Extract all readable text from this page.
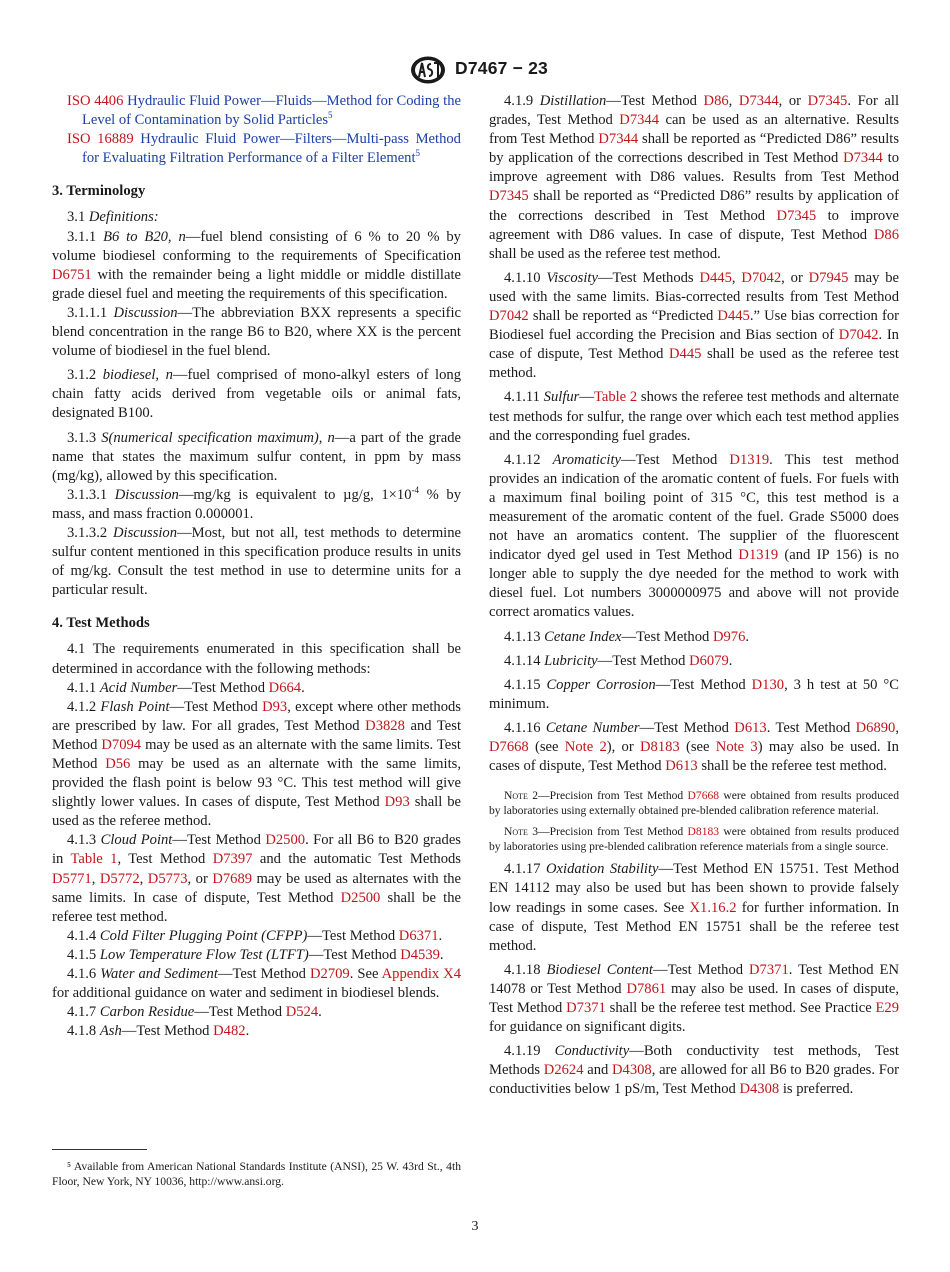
D7467 − 23

ISO 4406 Hydraulic Fluid Power—Fluids—Method for Coding the Level of Contamination by Solid Particles$^5$

ISO 16889 Hydraulic Fluid Power—Filters—Multi-pass Method for Evaluating Filtration Performance of a Filter Element$^5$

3. Terminology

3.1 Definitions:

3.1.1 B6 to B20, n—fuel blend consisting of 6 % to 20 % by volume biodiesel conforming to the requirements of Specification D6751 with the remainder being a light middle or middle distillate grade diesel fuel and meeting the requirements of this specification.

3.1.1.1 Discussion—The abbreviation BXX represents a specific blend concentration in the range B6 to B20, where XX is the percent volume of biodiesel in the fuel blend.

3.1.2 biodiesel, n—fuel comprised of mono-alkyl esters of long chain fatty acids derived from vegetable oils or animal fats, designated B100.

3.1.3 S(numerical specification maximum), n—a part of the grade name that states the maximum sulfur content, in ppm by mass (mg/kg), allowed by this specification.

3.1.3.1 Discussion—mg/kg is equivalent to µg/g, $1\times 10^{-4}$ % by mass, and mass fraction 0.000001.

3.1.3.2 Discussion—Most, but not all, test methods to determine sulfur content mentioned in this specification produce results in units of mg/kg. Consult the test method in use to determine units for a particular result.

4. Test Methods

4.1 The requirements enumerated in this specification shall be determined in accordance with the following methods:

4.1.1 Acid Number—Test Method D664.

4.1.2 Flash Point—Test Method D93, except where other methods are prescribed by law. For all grades, Test Method D3828 and Test Method D7094 may be used as an alternate with the same limits. Test Method D56 may be used as an alternate with the same limits, provided the flash point is below 93 °C. This test method will give slightly lower values. In cases of dispute, Test Method D93 shall be used as the referee method.

4.1.3 Cloud Point—Test Method D2500. For all B6 to B20 grades in Table 1, Test Method D7397 and the automatic Test Methods D5771, D5772, D5773, or D7689 may be used as alternates with the same limits. In case of dispute, Test Method D2500 shall be the referee test method.

4.1.4 Cold Filter Plugging Point (CFPP)—Test Method D6371.

4.1.5 Low Temperature Flow Test (LTFT)—Test Method D4539.

4.1.6 Water and Sediment—Test Method D2709. See Appendix X4 for additional guidance on water and sediment in biodiesel blends.

4.1.7 Carbon Residue—Test Method D524.

4.1.8 Ash—Test Method D482.

4.1.9 Distillation—Test Method D86, D7344, or D7345. For all grades, Test Method D7344 can be used as an alternative. Results from Test Method D7344 shall be reported as “Predicted D86” results by application of the corrections described in Test Method D7344 to improve agreement with D86 values. Results from Test Method D7345 shall be reported as “Predicted D86” results by application of the corrections described in Test Method D7345 to improve agreement with D86 values. In case of dispute, Test Method D86 shall be used as the referee test method.

4.1.10 Viscosity—Test Methods D445, D7042, or D7945 may be used with the same limits. Bias-corrected results from Test Method D7042 shall be reported as “Predicted D445.” Use bias correction for Biodiesel fuel according the Precision and Bias section of D7042. In case of dispute, Test Method D445 shall be used as the referee test method.

4.1.11 Sulfur—Table 2 shows the referee test methods and alternate test methods for sulfur, the range over which each test method applies and the corresponding fuel grades.

4.1.12 Aromaticity—Test Method D1319. This test method provides an indication of the aromatic content of fuels. For fuels with a maximum final boiling point of 315 °C, this test method is a measurement of the aromatic content of the fuel. Grade S5000 does not have an aromatics content. The supplier of the fluorescent indicator dyed gel used in Test Method D1319 (and IP 156) is no longer able to supply the dye needed for the method to work with diesel fuel. Lot numbers 3000000975 and above will not provide correct aromatics values.

4.1.13 Cetane Index—Test Method D976.

4.1.14 Lubricity—Test Method D6079.

4.1.15 Copper Corrosion—Test Method D130, 3 h test at 50 °C minimum.

4.1.16 Cetane Number—Test Method D613. Test Method D6890, D7668 (see Note 2), or D8183 (see Note 3) may also be used. In cases of dispute, Test Method D613 shall be the referee test method.

Note 2—Precision from Test Method D7668 were obtained from results produced by laboratories using externally obtained pre-blended calibration reference material.

Note 3—Precision from Test Method D8183 were obtained from results produced by laboratories using pre-blended calibration reference materials from a single source.

4.1.17 Oxidation Stability—Test Method EN 15751. Test Method EN 14112 may also be used but has been shown to provide falsely low readings in some cases. See X1.16.2 for further information. In case of dispute, Test Method EN 15751 shall be the referee test method.

4.1.18 Biodiesel Content—Test Method D7371. Test Method EN 14078 or Test Method D7861 may also be used. In cases of dispute, Test Method D7371 shall be the referee test method. See Practice E29 for guidance on significant digits.

4.1.19 Conductivity—Both conductivity test methods, Test Methods D2624 and D4308, are allowed for all B6 to B20 grades. For conductivities below 1 pS/m, Test Method D4308 is preferred.

⁵ Available from American National Standards Institute (ANSI), 25 W. 43rd St., 4th Floor, New York, NY 10036, http://www.ansi.org.
3
